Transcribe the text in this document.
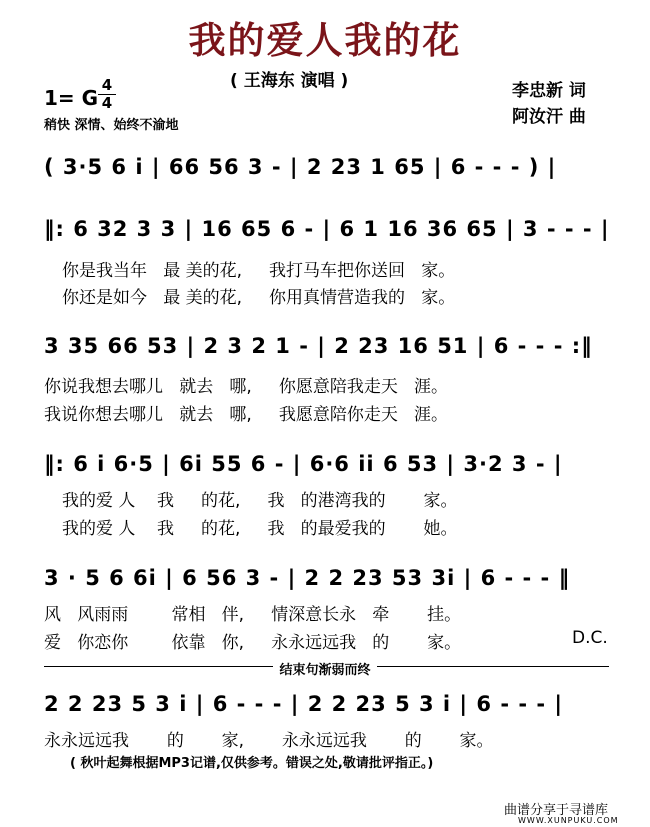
我的爱人我的花
( 王海东 演唱 )
1= G
4
4
稍快 深情、始终不渝地
李忠新 词
阿汝汗 曲
( 3·5 6 i | 66 56 3 - | 2 23 1 65 | 6 - - - ) |
‖: 6 32 3 3 | 16 65 6 - | 6 1 16 36 65 | 3 - - - |
你是我当年   最 美的花,     我打马车把你送回   家。
你还是如今   最 美的花,     你用真情营造我的   家。
3 35 66 53 | 2 3 2 1 - | 2 23 16 51 | 6 - - - :‖
你说我想去哪儿   就去   哪,     你愿意陪我走天   涯。
我说你想去哪儿   就去   哪,     我愿意陪你走天   涯。
‖: 6 i 6·5 | 6i 55 6 - | 6·6 ii 6 53 | 3·2 3 - |
我的爱 人    我     的花,     我   的港湾我的       家。
我的爱 人    我     的花,     我   的最爱我的       她。
3 · 5 6 6i | 6 56 3 - | 2 2 23 53 3i | 6 - - - ‖
风   风雨雨        常相   伴,     情深意长永   牵       挂。
爱   你恋你        依靠   你,     永永远远我   的       家。	D.C.
结束句渐弱而终
2 2 23 5 3 i | 6 - - - | 2 2 23 5 3 i | 6 - - - |
永永远远我       的       家,       永永远远我       的       家。
( 秋叶起舞根据MP3记谱,仅供参考。错误之处,敬请批评指正。)
曲谱分享于寻谱库
WWW.XUNPUKU.COM
